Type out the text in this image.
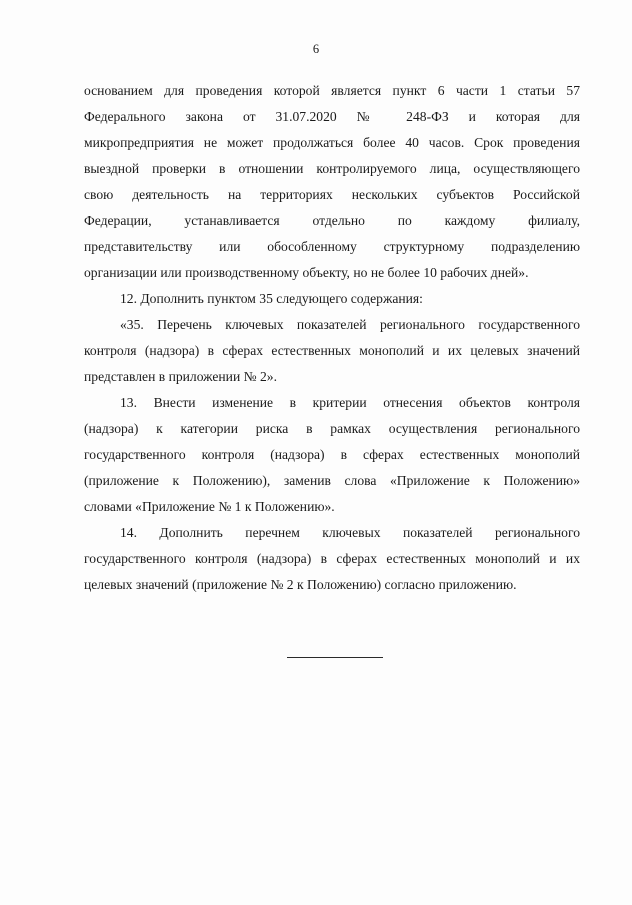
6
основанием для проведения которой является пункт 6 части 1 статьи 57
Федерального закона от 31.07.2020 № 248-ФЗ и которая для
микропредприятия не может продолжаться более 40 часов. Срок проведения
выездной проверки в отношении контролируемого лица, осуществляющего
свою деятельность на территориях нескольких субъектов Российской
Федерации, устанавливается отдельно по каждому филиалу,
представительству или обособленному структурному подразделению
организации или производственному объекту, но не более 10 рабочих дней».
12. Дополнить пунктом 35 следующего содержания:
«35. Перечень ключевых показателей регионального государственного
контроля (надзора) в сферах естественных монополий и их целевых значений
представлен в приложении № 2».
13. Внести изменение в критерии отнесения объектов контроля
(надзора) к категории риска в рамках осуществления регионального
государственного контроля (надзора) в сферах естественных монополий
(приложение к Положению), заменив слова «Приложение к Положению»
словами «Приложение № 1 к Положению».
14. Дополнить перечнем ключевых показателей регионального
государственного контроля (надзора) в сферах естественных монополий и их
целевых значений (приложение № 2 к Положению) согласно приложению.
